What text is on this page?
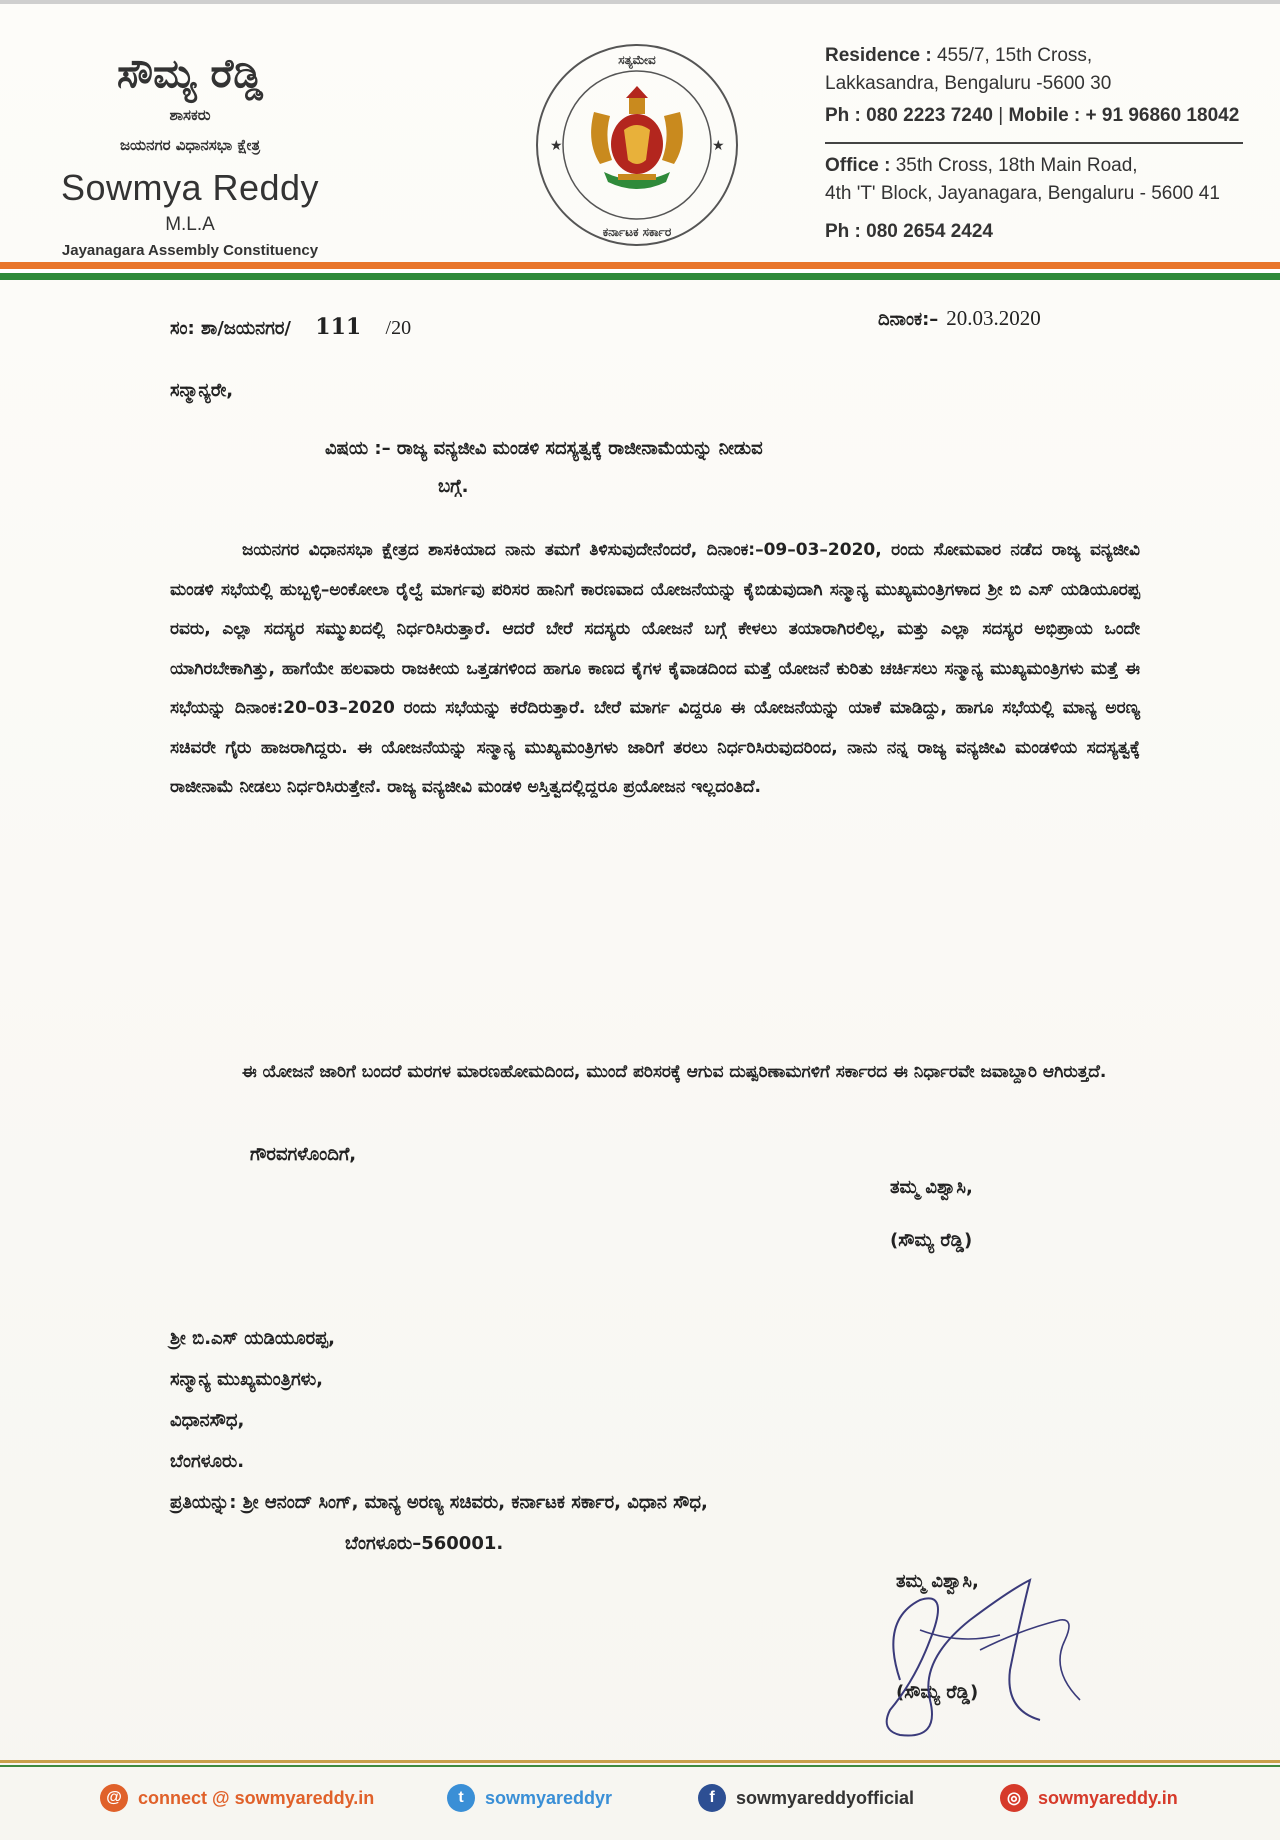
ಸೌಮ್ಯ ರೆಡ್ಡಿ
ಶಾಸಕರು
ಜಯನಗರ ವಿಧಾನಸಭಾ ಕ್ಷೇತ್ರ
Sowmya Reddy
M.L.A
Jayanagara Assembly Constituency
ಸತ್ಯಮೇವ
ಕರ್ನಾಟಕ ಸರ್ಕಾರ
★	★
Residence : 455/7, 15th Cross,
Lakkasandra, Bengaluru -5600 30
Ph : 080 2223 7240 | Mobile : + 91 96860 18042
Office : 35th Cross, 18th Main Road,
4th 'T' Block, Jayanagara, Bengaluru - 5600 41
Ph : 080 2654 2424
ಸಂ: ಶಾ/ಜಯನಗರ/ 111 /20	ದಿನಾಂಕ:– 20.03.2020
ಸನ್ಮಾನ್ಯರೇ,
ವಿಷಯ :– ರಾಜ್ಯ ವನ್ಯಜೀವಿ ಮಂಡಳಿ ಸದಸ್ಯತ್ವಕ್ಕೆ ರಾಜೀನಾಮೆಯನ್ನು ನೀಡುವ
ಬಗ್ಗೆ.
ಜಯನಗರ ವಿಧಾನಸಭಾ ಕ್ಷೇತ್ರದ ಶಾಸಕಿಯಾದ ನಾನು ತಮಗೆ ತಿಳಿಸುವುದೇನೆಂದರೆ, ದಿನಾಂಕ:–09–03–2020, ರಂದು ಸೋಮವಾರ ನಡೆದ ರಾಜ್ಯ ವನ್ಯಜೀವಿ ಮಂಡಳಿ ಸಭೆಯಲ್ಲಿ ಹುಬ್ಬಳ್ಳಿ–ಅಂಕೋಲಾ ರೈಲ್ವೆ ಮಾರ್ಗವು ಪರಿಸರ ಹಾನಿಗೆ ಕಾರಣವಾದ ಯೋಜನೆಯನ್ನು ಕೈಬಿಡುವುದಾಗಿ ಸನ್ಮಾನ್ಯ ಮುಖ್ಯಮಂತ್ರಿಗಳಾದ ಶ್ರೀ ಬಿ ಎಸ್ ಯಡಿಯೂರಪ್ಪ ರವರು, ಎಲ್ಲಾ ಸದಸ್ಯರ ಸಮ್ಮುಖದಲ್ಲಿ ನಿರ್ಧರಿಸಿರುತ್ತಾರೆ. ಆದರೆ ಬೇರೆ ಸದಸ್ಯರು ಯೋಜನೆ ಬಗ್ಗೆ ಕೇಳಲು ತಯಾರಾಗಿರಲಿಲ್ಲ, ಮತ್ತು ಎಲ್ಲಾ ಸದಸ್ಯರ ಅಭಿಪ್ರಾಯ ಒಂದೇ ಯಾಗಿರಬೇಕಾಗಿತ್ತು, ಹಾಗೆಯೇ ಹಲವಾರು ರಾಜಕೀಯ ಒತ್ತಡಗಳಿಂದ ಹಾಗೂ ಕಾಣದ ಕೈಗಳ ಕೈವಾಡದಿಂದ ಮತ್ತೆ ಯೋಜನೆ ಕುರಿತು ಚರ್ಚಿಸಲು ಸನ್ಮಾನ್ಯ ಮುಖ್ಯಮಂತ್ರಿಗಳು ಮತ್ತೆ ಈ ಸಭೆಯನ್ನು ದಿನಾಂಕ:20–03–2020 ರಂದು ಸಭೆಯನ್ನು ಕರೆದಿರುತ್ತಾರೆ. ಬೇರೆ ಮಾರ್ಗ ವಿದ್ದರೂ ಈ ಯೋಜನೆಯನ್ನು ಯಾಕೆ ಮಾಡಿದ್ದು, ಹಾಗೂ ಸಭೆಯಲ್ಲಿ ಮಾನ್ಯ ಅರಣ್ಯ ಸಚಿವರೇ ಗೈರು ಹಾಜರಾಗಿದ್ದರು. ಈ ಯೋಜನೆಯನ್ನು ಸನ್ಮಾನ್ಯ ಮುಖ್ಯಮಂತ್ರಿಗಳು ಜಾರಿಗೆ ತರಲು ನಿರ್ಧರಿಸಿರುವುದರಿಂದ, ನಾನು ನನ್ನ ರಾಜ್ಯ ವನ್ಯಜೀವಿ ಮಂಡಳಿಯ ಸದಸ್ಯತ್ವಕ್ಕೆ ರಾಜೀನಾಮೆ ನೀಡಲು ನಿರ್ಧರಿಸಿರುತ್ತೇನೆ. ರಾಜ್ಯ ವನ್ಯಜೀವಿ ಮಂಡಳಿ ಅಸ್ತಿತ್ವದಲ್ಲಿದ್ದರೂ ಪ್ರಯೋಜನ ಇಲ್ಲದಂತಿದೆ.
ಈ ಯೋಜನೆ ಜಾರಿಗೆ ಬಂದರೆ ಮರಗಳ ಮಾರಣಹೋಮದಿಂದ, ಮುಂದೆ ಪರಿಸರಕ್ಕೆ ಆಗುವ ದುಷ್ಪರಿಣಾಮಗಳಿಗೆ ಸರ್ಕಾರದ ಈ ನಿರ್ಧಾರವೇ ಜವಾಬ್ದಾರಿ ಆಗಿರುತ್ತದೆ.
ಗೌರವಗಳೊಂದಿಗೆ,
ತಮ್ಮ ವಿಶ್ವಾಸಿ,
(ಸೌಮ್ಯ ರೆಡ್ಡಿ)
ಶ್ರೀ ಬಿ.ಎಸ್ ಯಡಿಯೂರಪ್ಪ,
ಸನ್ಮಾನ್ಯ ಮುಖ್ಯಮಂತ್ರಿಗಳು,
ವಿಧಾನಸೌಧ,
ಬೆಂಗಳೂರು.
ಪ್ರತಿಯನ್ನು: ಶ್ರೀ ಆನಂದ್ ಸಿಂಗ್, ಮಾನ್ಯ ಅರಣ್ಯ ಸಚಿವರು, ಕರ್ನಾಟಕ ಸರ್ಕಾರ, ವಿಧಾನ ಸೌಧ,
ಬೆಂಗಳೂರು–560001.
ತಮ್ಮ ವಿಶ್ವಾಸಿ,
(ಸೌಮ್ಯ ರೆಡ್ಡಿ)
@ connect @ sowmyareddy.in	t	sowmyareddyr	f	sowmyareddyofficial	◎ sowmyareddy.in
